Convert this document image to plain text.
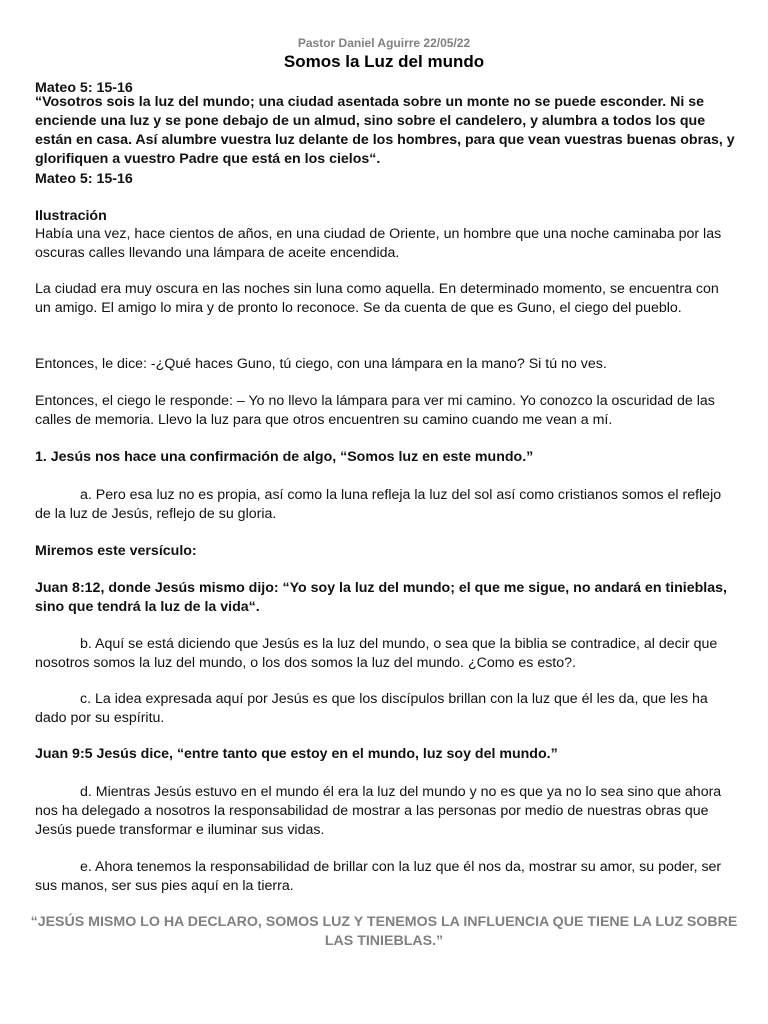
Pastor Daniel Aguirre 22/05/22
Somos la Luz del mundo

Mateo 5: 15-16

“Vosotros sois la luz del mundo; una ciudad asentada sobre un monte no se puede esconder. Ni se enciende una luz y se pone debajo de un almud, sino sobre el candelero, y alumbra a todos los que están en casa. Así alumbre vuestra luz delante de los hombres, para que vean vuestras buenas obras, y glorifiquen a vuestro Padre que está en los cielos“.

Mateo 5: 15-16

Ilustración

Había una vez, hace cientos de años, en una ciudad de Oriente, un hombre que una noche caminaba por las oscuras calles llevando una lámpara de aceite encendida.

La ciudad era muy oscura en las noches sin luna como aquella. En determinado momento, se encuentra con un amigo. El amigo lo mira y de pronto lo reconoce. Se da cuenta de que es Guno, el ciego del pueblo.

Entonces, le dice: -¿Qué haces Guno, tú ciego, con una lámpara en la mano? Si tú no ves.

Entonces, el ciego le responde: – Yo no llevo la lámpara para ver mi camino. Yo conozco la oscuridad de las calles de memoria. Llevo la luz para que otros encuentren su camino cuando me vean a mí.

1. Jesús nos hace una confirmación de algo, “Somos luz en este mundo.”

a. Pero esa luz no es propia, así como la luna refleja la luz del sol así como cristianos somos el reflejo de la luz de Jesús, reflejo de su gloria.

Miremos este versículo:

Juan 8:12, donde Jesús mismo dijo: “Yo soy la luz del mundo; el que me sigue, no andará en tinieblas, sino que tendrá la luz de la vida“.

b. Aquí se está diciendo que Jesús es la luz del mundo, o sea que la biblia se contradice, al decir que nosotros somos la luz del mundo, o los dos somos la luz del mundo. ¿Como es esto?.

c. La idea expresada aquí por Jesús es que los discípulos brillan con la luz que él les da, que les ha dado por su espíritu.

Juan 9:5 Jesús dice, “entre tanto que estoy en el mundo, luz soy del mundo.”

d. Mientras Jesús estuvo en el mundo él era la luz del mundo y no es que ya no lo sea sino que ahora nos ha delegado a nosotros la responsabilidad de mostrar a las personas por medio de nuestras obras que Jesús puede transformar e iluminar sus vidas.

e. Ahora tenemos la responsabilidad de brillar con la luz que él nos da, mostrar su amor, su poder, ser sus manos, ser sus pies aquí en la tierra.

“JESÚS MISMO LO HA DECLARO, SOMOS LUZ Y TENEMOS LA INFLUENCIA QUE TIENE LA LUZ SOBRE LAS TINIEBLAS.”
